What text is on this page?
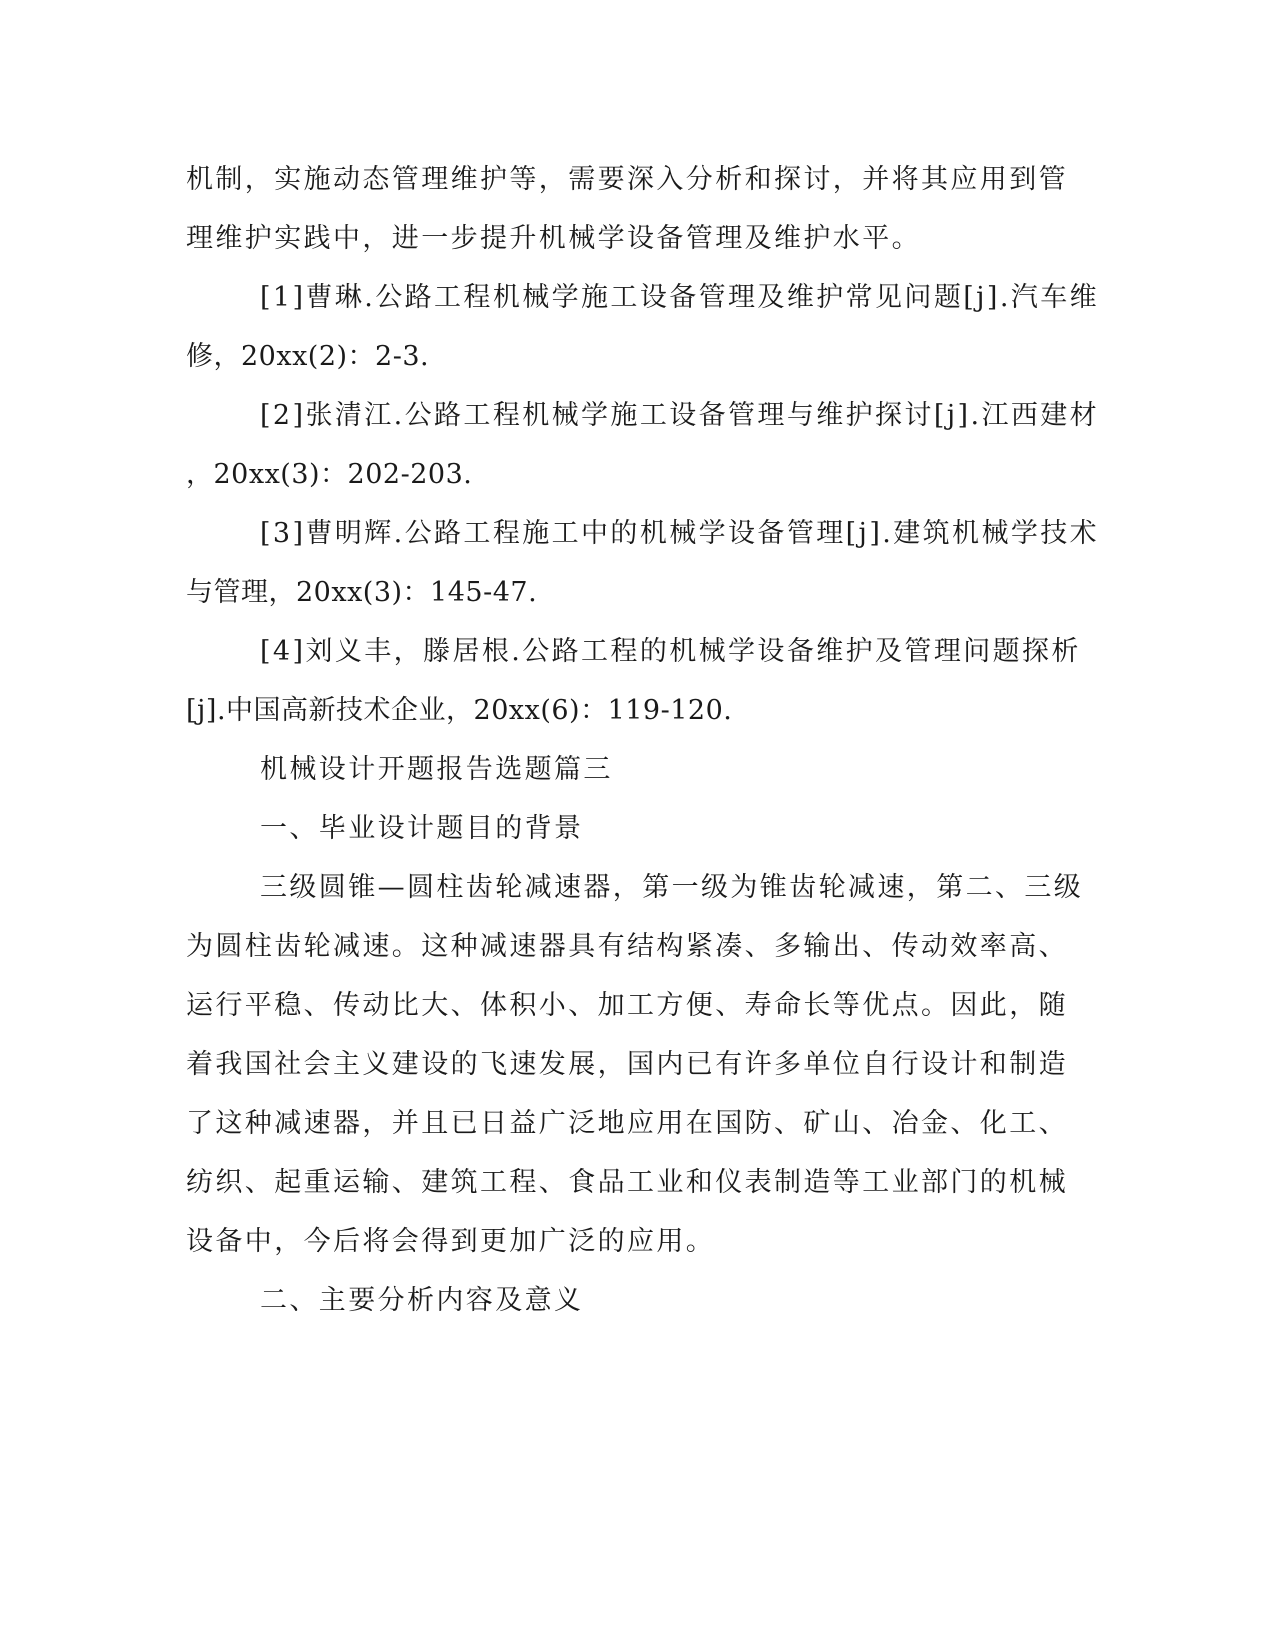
机制，实施动态管理维护等，需要深入分析和探讨，并将其应用到管
理维护实践中，进一步提升机械学设备管理及维护水平。
[1]曹琳.公路工程机械学施工设备管理及维护常见问题[j].汽车维
修，20xx(2)：2-3.
[2]张清江.公路工程机械学施工设备管理与维护探讨[j].江西建材
，20xx(3)：202-203.
[3]曹明辉.公路工程施工中的机械学设备管理[j].建筑机械学技术
与管理，20xx(3)：145-47.
[4]刘义丰，滕居根.公路工程的机械学设备维护及管理问题探析
[j].中国高新技术企业，20xx(6)：119-120.
机械设计开题报告选题篇三
一、毕业设计题目的背景
三级圆锥—圆柱齿轮减速器，第一级为锥齿轮减速，第二、三级
为圆柱齿轮减速。这种减速器具有结构紧凑、多输出、传动效率高、
运行平稳、传动比大、体积小、加工方便、寿命长等优点。因此，随
着我国社会主义建设的飞速发展，国内已有许多单位自行设计和制造
了这种减速器，并且已日益广泛地应用在国防、矿山、冶金、化工、
纺织、起重运输、建筑工程、食品工业和仪表制造等工业部门的机械
设备中，今后将会得到更加广泛的应用。
二、主要分析内容及意义
